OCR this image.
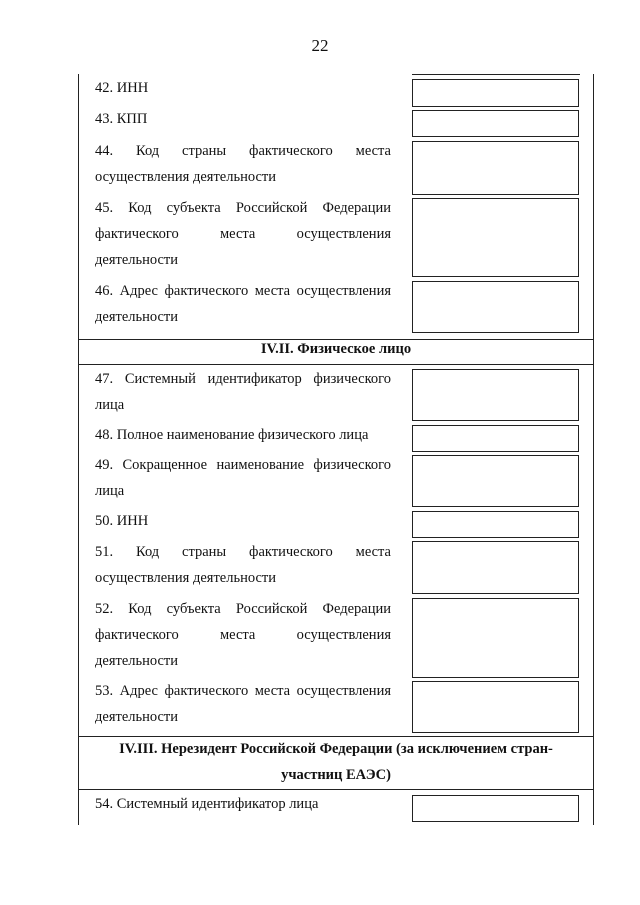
22
42. ИНН
43. КПП
44. Код страны фактического места
осуществления деятельности
45. Код субъекта Российской Федерации
фактического места осуществления
деятельности
46. Адрес фактического места осуществления
деятельности
IV.II. Физическое лицо
47. Системный идентификатор физического
лица
48. Полное наименование физического лица
49. Сокращенное наименование физического
лица
50. ИНН
51. Код страны фактического места
осуществления деятельности
52. Код субъекта Российской Федерации
фактического места осуществления
деятельности
53. Адрес фактического места осуществления
деятельности
IV.III. Нерезидент Российской Федерации (за исключением стран-
участниц ЕАЭС)
54. Системный идентификатор лица
